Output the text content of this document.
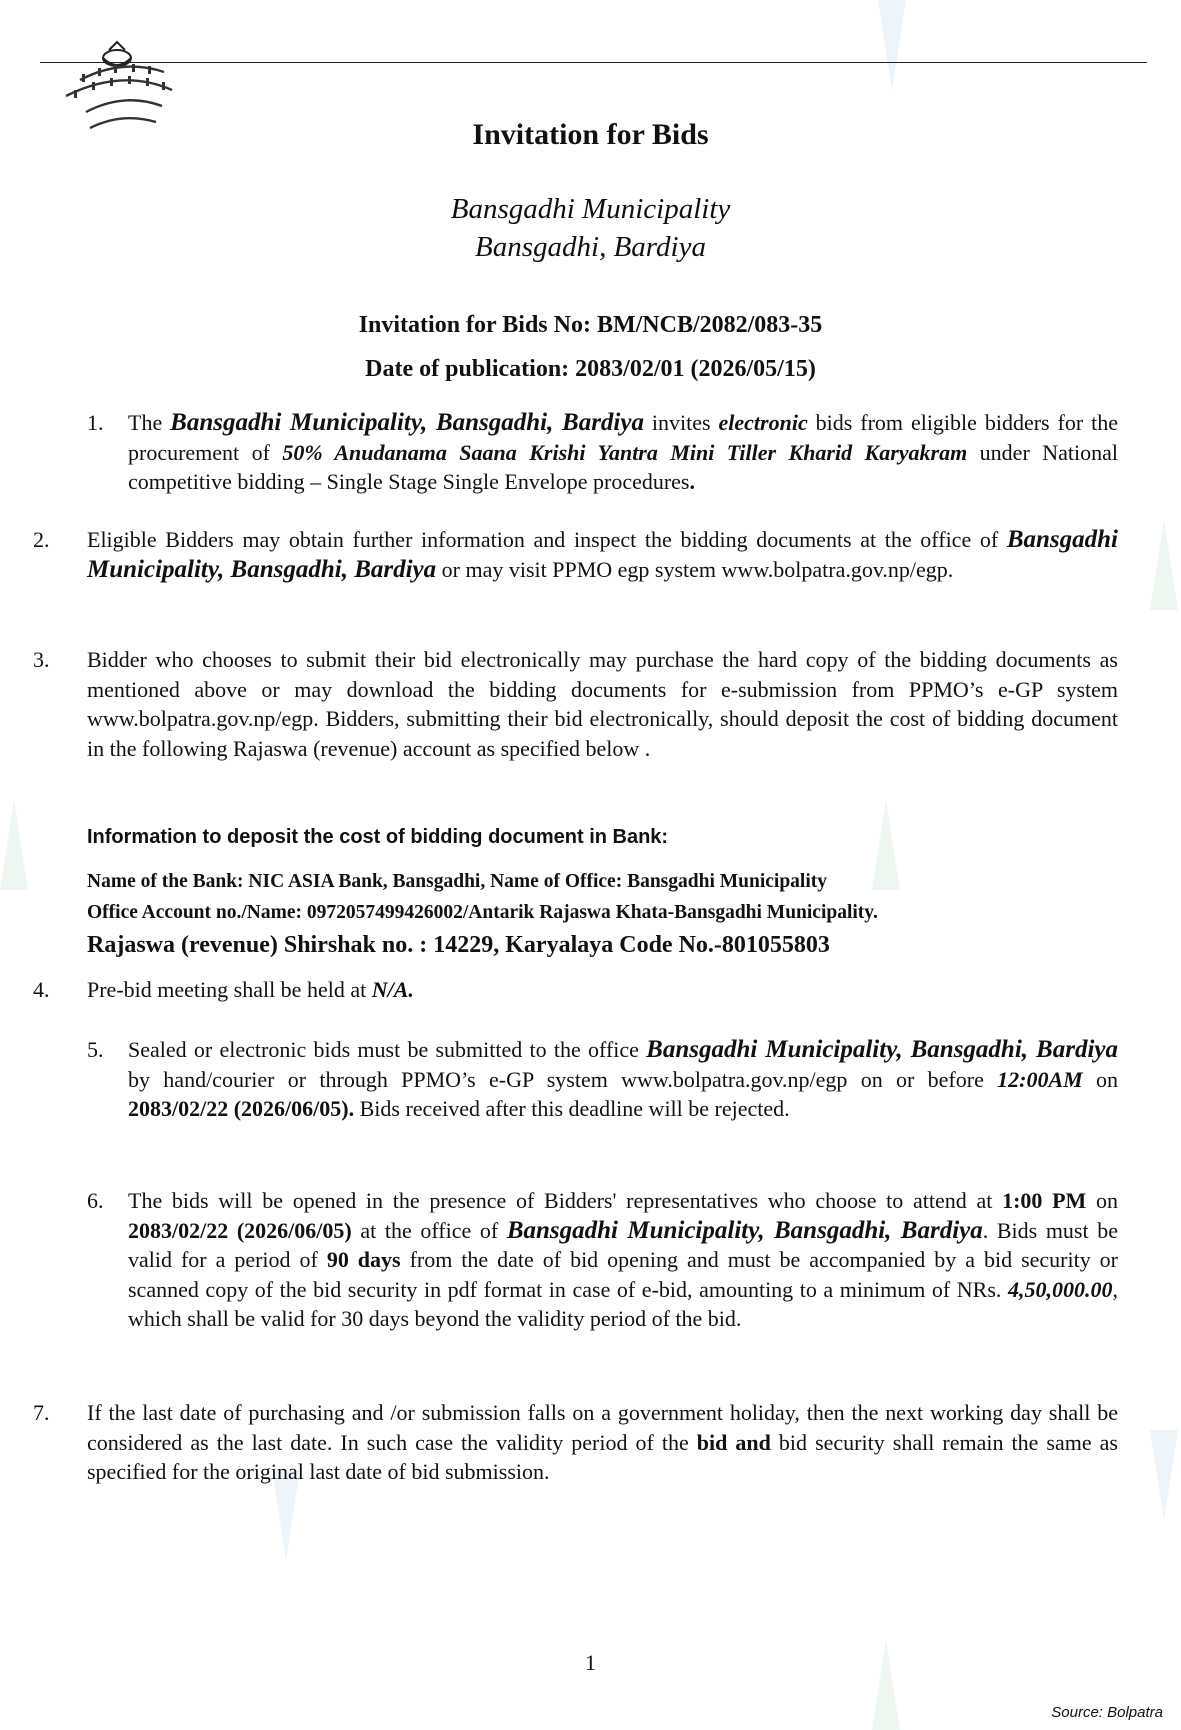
Invitation for Bids
Bansgadhi Municipality
Bansgadhi, Bardiya
Invitation for Bids No: BM/NCB/2082/083-35
Date of publication: 2083/02/01 (2026/05/15)
1. The Bansgadhi Municipality, Bansgadhi, Bardiya invites electronic bids from eligible bidders for the procurement of 50% Anudanama Saana Krishi Yantra Mini Tiller Kharid Karyakram under National competitive bidding – Single Stage Single Envelope procedures.
2. Eligible Bidders may obtain further information and inspect the bidding documents at the office of Bansgadhi Municipality, Bansgadhi, Bardiya or may visit PPMO egp system www.bolpatra.gov.np/egp.
3. Bidder who chooses to submit their bid electronically may purchase the hard copy of the bidding documents as mentioned above or may download the bidding documents for e-submission from PPMO’s e-GP system www.bolpatra.gov.np/egp. Bidders, submitting their bid electronically, should deposit the cost of bidding document in the following Rajaswa (revenue) account as specified below .
Information to deposit the cost of bidding document in Bank:
Name of the Bank: NIC ASIA Bank, Bansgadhi, Name of Office: Bansgadhi Municipality
Office Account no./Name: 0972057499426002/Antarik Rajaswa Khata-Bansgadhi Municipality.
Rajaswa (revenue) Shirshak no. : 14229, Karyalaya Code No.-801055803
4. Pre-bid meeting shall be held at N/A.
5. Sealed or electronic bids must be submitted to the office Bansgadhi Municipality, Bansgadhi, Bardiya by hand/courier or through PPMO’s e-GP system www.bolpatra.gov.np/egp on or before 12:00AM on 2083/02/22 (2026/06/05). Bids received after this deadline will be rejected.
6. The bids will be opened in the presence of Bidders' representatives who choose to attend at 1:00 PM on 2083/02/22 (2026/06/05) at the office of Bansgadhi Municipality, Bansgadhi, Bardiya. Bids must be valid for a period of 90 days from the date of bid opening and must be accompanied by a bid security or scanned copy of the bid security in pdf format in case of e-bid, amounting to a minimum of NRs. 4,50,000.00, which shall be valid for 30 days beyond the validity period of the bid.
7. If the last date of purchasing and /or submission falls on a government holiday, then the next working day shall be considered as the last date. In such case the validity period of the bid and bid security shall remain the same as specified for the original last date of bid submission.
1
Source: Bolpatra
